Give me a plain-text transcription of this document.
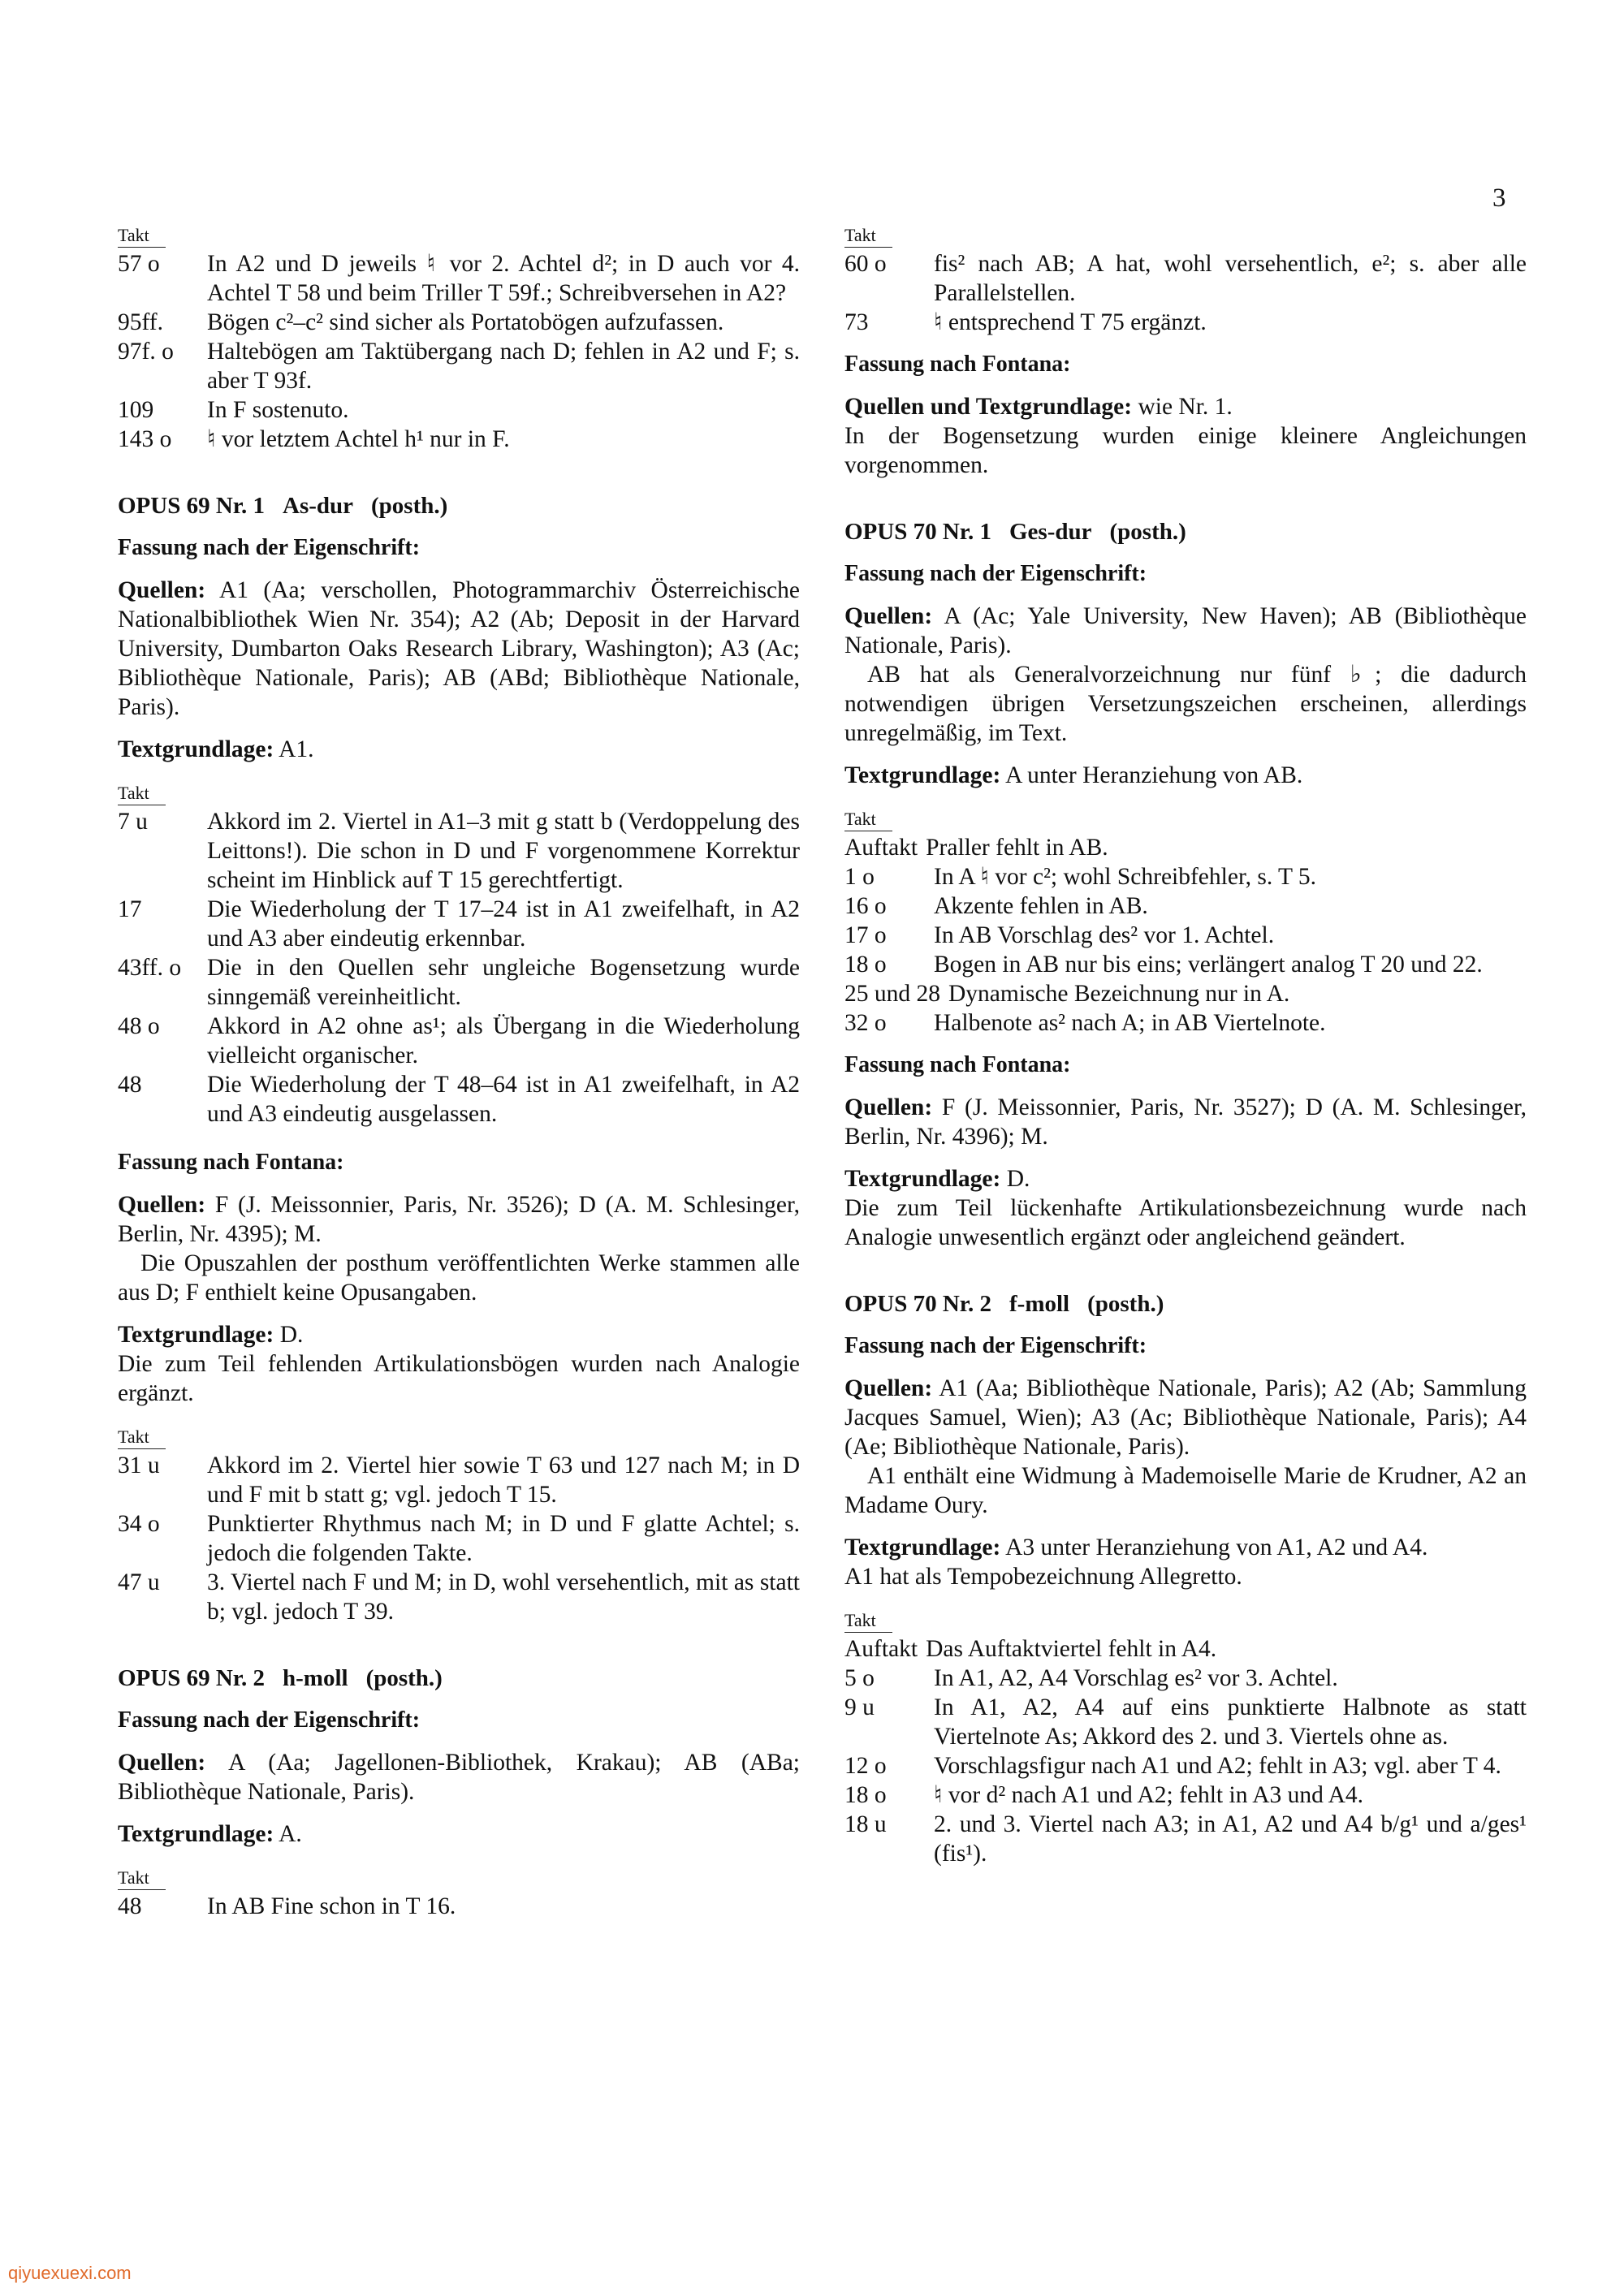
3
Takt
57 o	In A2 und D jeweils ♮ vor 2. Achtel d²; in D auch vor 4. Achtel T 58 und beim Triller T 59f.; Schreibversehen in A2?
95ff.	Bögen c²–c² sind sicher als Portatobögen aufzufassen.
97f. o	Haltebögen am Taktübergang nach D; fehlen in A2 und F; s. aber T 93f.
109	In F sostenuto.
143 o	♮ vor letztem Achtel h¹ nur in F.
OPUS 69 Nr. 1 As-dur (posth.)
Fassung nach der Eigenschrift:
Quellen: A1 (Aa; verschollen, Photogrammarchiv Österreichische Nationalbibliothek Wien Nr. 354); A2 (Ab; Deposit in der Harvard University, Dumbarton Oaks Research Library, Washington); A3 (Ac; Bibliothèque Nationale, Paris); AB (ABd; Bibliothèque Nationale, Paris).
Textgrundlage: A1.
Takt
7 u	Akkord im 2. Viertel in A1–3 mit g statt b (Verdoppelung des Leittons!). Die schon in D und F vorgenommene Korrektur scheint im Hinblick auf T 15 gerechtfertigt.
17	Die Wiederholung der T 17–24 ist in A1 zweifelhaft, in A2 und A3 aber eindeutig erkennbar.
43ff. o	Die in den Quellen sehr ungleiche Bogensetzung wurde sinngemäß vereinheitlicht.
48 o	Akkord in A2 ohne as¹; als Übergang in die Wiederholung vielleicht organischer.
48	Die Wiederholung der T 48–64 ist in A1 zweifelhaft, in A2 und A3 eindeutig ausgelassen.
Fassung nach Fontana:
Quellen: F (J. Meissonnier, Paris, Nr. 3526); D (A. M. Schlesinger, Berlin, Nr. 4395); M.
Die Opuszahlen der posthum veröffentlichten Werke stammen alle aus D; F enthielt keine Opusangaben.
Textgrundlage: D.
Die zum Teil fehlenden Artikulationsbögen wurden nach Analogie ergänzt.
Takt
31 u	Akkord im 2. Viertel hier sowie T 63 und 127 nach M; in D und F mit b statt g; vgl. jedoch T 15.
34 o	Punktierter Rhythmus nach M; in D und F glatte Achtel; s. jedoch die folgenden Takte.
47 u	3. Viertel nach F und M; in D, wohl versehentlich, mit as statt b; vgl. jedoch T 39.
OPUS 69 Nr. 2 h-moll (posth.)
Fassung nach der Eigenschrift:
Quellen: A (Aa; Jagellonen-Bibliothek, Krakau); AB (ABa; Bibliothèque Nationale, Paris).
Textgrundlage: A.
Takt
48	In AB Fine schon in T 16.
Takt
60 o	fis² nach AB; A hat, wohl versehentlich, e²; s. aber alle Parallelstellen.
73	♮ entsprechend T 75 ergänzt.
Fassung nach Fontana:
Quellen und Textgrundlage: wie Nr. 1.
In der Bogensetzung wurden einige kleinere Angleichungen vorgenommen.
OPUS 70 Nr. 1 Ges-dur (posth.)
Fassung nach der Eigenschrift:
Quellen: A (Ac; Yale University, New Haven); AB (Bibliothèque Nationale, Paris).
AB hat als Generalvorzeichnung nur fünf ♭; die dadurch notwendigen übrigen Versetzungszeichen erscheinen, allerdings unregelmäßig, im Text.
Textgrundlage: A unter Heranziehung von AB.
Takt
Auftakt Praller fehlt in AB.
1 o	In A ♮ vor c²; wohl Schreibfehler, s. T 5.
16 o	Akzente fehlen in AB.
17 o	In AB Vorschlag des² vor 1. Achtel.
18 o	Bogen in AB nur bis eins; verlängert analog T 20 und 22.
25 und 28 Dynamische Bezeichnung nur in A.
32 o	Halbenote as² nach A; in AB Viertelnote.
Fassung nach Fontana:
Quellen: F (J. Meissonnier, Paris, Nr. 3527); D (A. M. Schlesinger, Berlin, Nr. 4396); M.
Textgrundlage: D.
Die zum Teil lückenhafte Artikulationsbezeichnung wurde nach Analogie unwesentlich ergänzt oder angleichend geändert.
OPUS 70 Nr. 2 f-moll (posth.)
Fassung nach der Eigenschrift:
Quellen: A1 (Aa; Bibliothèque Nationale, Paris); A2 (Ab; Sammlung Jacques Samuel, Wien); A3 (Ac; Bibliothèque Nationale, Paris); A4 (Ae; Bibliothèque Nationale, Paris).
A1 enthält eine Widmung à Mademoiselle Marie de Krudner, A2 an Madame Oury.
Textgrundlage: A3 unter Heranziehung von A1, A2 und A4.
A1 hat als Tempobezeichnung Allegretto.
Takt
Auftakt Das Auftaktviertel fehlt in A4.
5 o	In A1, A2, A4 Vorschlag es² vor 3. Achtel.
9 u	In A1, A2, A4 auf eins punktierte Halbnote as statt Viertelnote As; Akkord des 2. und 3. Viertels ohne as.
12 o	Vorschlagsfigur nach A1 und A2; fehlt in A3; vgl. aber T 4.
18 o	♮ vor d² nach A1 und A2; fehlt in A3 und A4.
18 u	2. und 3. Viertel nach A3; in A1, A2 und A4 b/g¹ und a/ges¹ (fis¹).
qiyuexuexi.com
